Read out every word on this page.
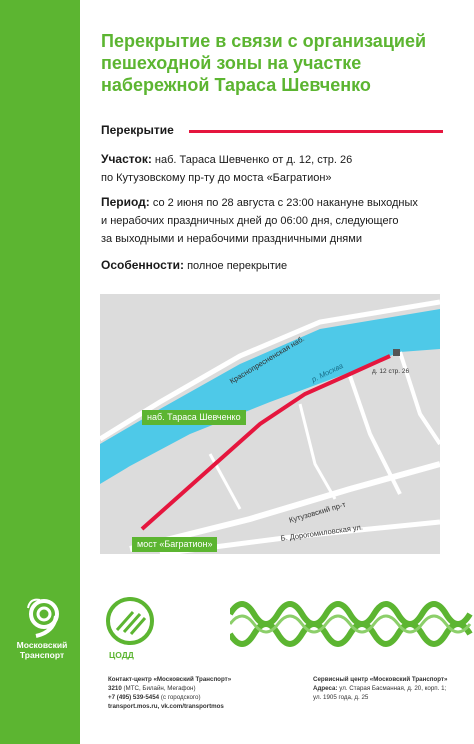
Московский
Транспорт
Перекрытие в связи с организацией пешеходной зоны на участке набережной Тараса Шевченко
Перекрытие
Участок: наб. Тараса Шевченко от д. 12, стр. 26
по Кутузовскому пр-ту до моста «Багратион»
Период: со 2 июня по 28 августа с 23:00 накануне выходных
и нерабочих праздничных дней до 06:00 дня, следующего
за выходными и нерабочими праздничными днями
Особенности: полное перекрытие
Краснопресненская наб. р. Москва	д. 12 стр. 26
наб. Тараса Шевченко
Кутузовский пр-т
Б. Дорогомиловская ул.
мост «Багратион»
ЦОДД
Контакт-центр «Московский Транспорт»
3210 (МТС, Билайн, Мегафон)
+7 (495) 539-5454 (с городского)
transport.mos.ru, vk.com/transportmos
Сервисный центр «Московский Транспорт»
Адреса: ул. Старая Басманная, д. 20, корп. 1;
ул. 1905 года, д. 25
